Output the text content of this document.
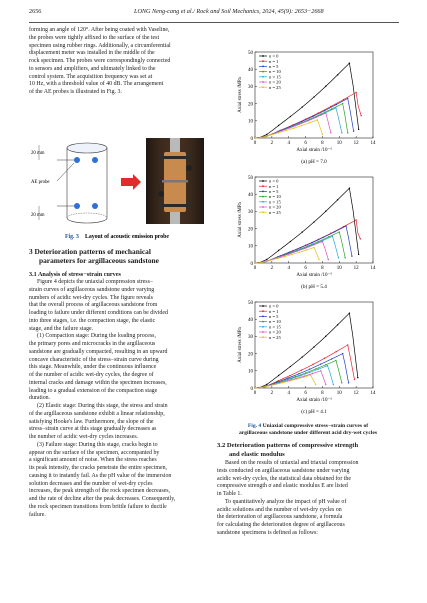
2656	LONG Neng-cang et al./ Rock and Soil Mechanics, 2024, 45(9): 2653−2668

forming an angle of 120°. After being coated with Vaseline,

the probes were tightly affixed to the surface of the test

specimen using rubber rings. Additionally, a circumferential

displacement meter was installed in the middle of the

rock specimen. The probes were correspondingly connected

to sensors and amplifiers, and ultimately linked to the

control system. The acquisition frequency was set at

10 Hz, with a threshold value of 40 dB. The arrangement

of the AE probes is illustrated in Fig. 3.

20 mm
AE probe
20 mm
Fig. 3 Layout of acoustic emission probe
3 Deterioration patterns of mechanical
parameters for argillaceous sandstone
3.1 Analysis of stress−strain curves

Figure 4 depicts the uniaxial compression stress−

strain curves of argillaceous sandstone under varying

numbers of acidic wet-dry cycles. The figure reveals

that the overall process of argillaceous sandstone from

loading to failure under different conditions can be divided

into three stages, i.e. the compaction stage, the elastic

stage, and the failure stage.

(1) Compaction stage: During the loading process,

the primary pores and microcracks in the argillaceous

sandstone are gradually compacted, resulting in an upward

concave characteristic of the stress−strain curve during

this stage. Meanwhile, under the continuous influence

of the number of acidic wet-dry cycles, the degree of

internal cracks and damage within the specimen increases,

leading to a gradual extension of the compaction stage

duration.

(2) Elastic stage: During this stage, the stress and strain

of the argillaceous sandstone exhibit a linear relationship,

satisfying Hooke's law. Furthermore, the slope of the

stress−strain curve at this stage gradually decreases as

the number of acidic wet-dry cycles increases.

(3) Failure stage: During this stage, cracks begin to

appear on the surface of the specimen, accompanied by

a significant amount of noise. When the stress reaches

its peak intensity, the cracks penetrate the entire specimen,

causing it to instantly fail. As the pH value of the immersion

solution decreases and the number of wet-dry cycles

increases, the peak strength of the rock specimen decreases,

and the rate of decline after the peak decreases. Consequently,

the rock specimen transitions from brittle failure to ductile

failure.

0
10
20
30
40
50
0	2	4	6	8	10 12 14
Axial stress /MPa
Axial strain /10⁻³
(a) pH = 7.0
n = 0
n = 1
n = 5
n = 10
n = 15
n = 20
n = 25
0
10
20
30
40
50
0	2	4	6	8	10 12 14
Axial stress /MPa
Axial strain /10⁻³
(b) pH = 5.4
n = 0
n = 1
n = 5
n = 10
n = 15
n = 20
n = 25
0
10
20
30
40
50
0	2	4	6	8	10 12 14
Axial stress /MPa
Axial strain /10⁻³
(c) pH = 4.1
n = 0
n = 1
n = 5
n = 10
n = 15
n = 20
n = 25
Fig. 4 Uniaxial compressive stress−strain curves of
argillaceous sandstone under different acid dry-wet cycles
3.2 Deterioration patterns of compressive strength
and elastic modulus

Based on the results of uniaxial and triaxial compression

tests conducted on argillaceous sandstone under varying

acidic wet-dry cycles, the statistical data obtained for the

compressive strength σ and elastic modulus E are listed

in Table 1.

To quantitatively analyze the impact of pH value of

acidic solutions and the number of wet-dry cycles on

the deterioration of argillaceous sandstone, a formula

for calculating the deterioration degree of argillaceous

sandstone specimens is defined as follows:
